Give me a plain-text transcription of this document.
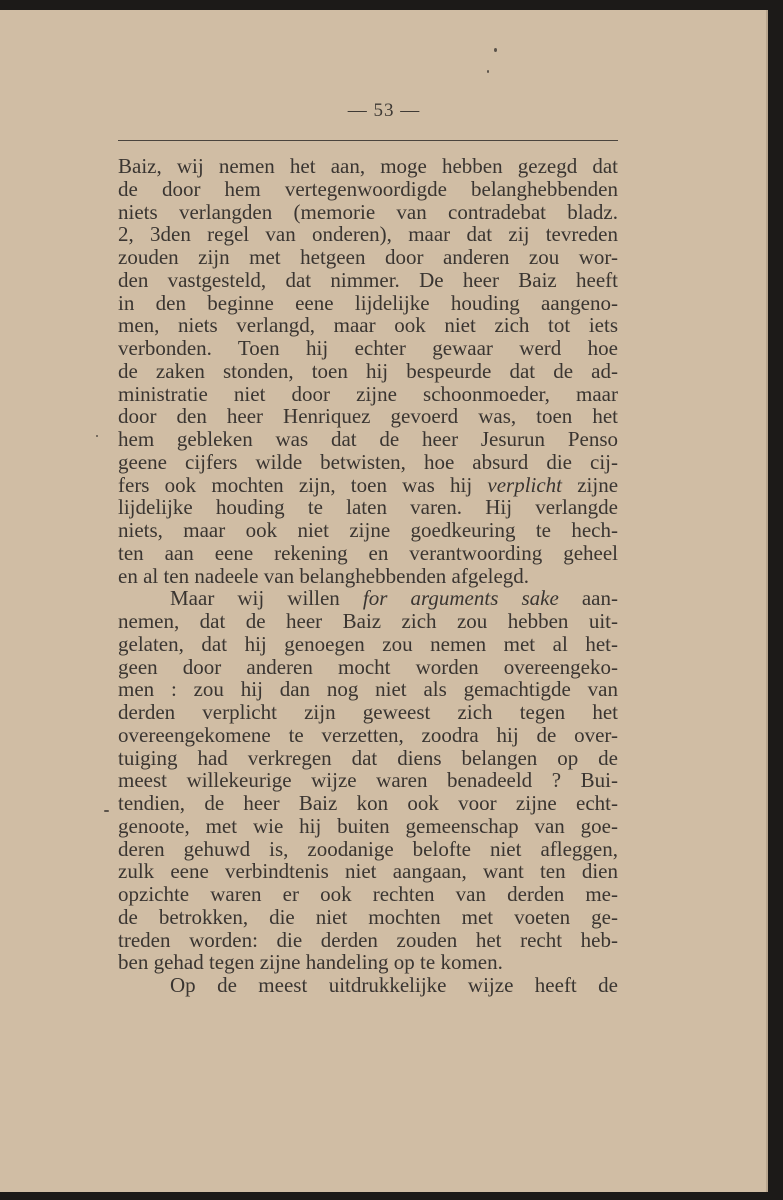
— 53 —
Baiz, wij nemen het aan, moge hebben gezegd dat
de door hem vertegenwoordigde belanghebbenden
niets verlangden (memorie van contradebat bladz.
2, 3den regel van onderen), maar dat zij tevreden
zouden zijn met hetgeen door anderen zou wor-
den vastgesteld, dat nimmer. De heer Baiz heeft
in den beginne eene lijdelijke houding aangeno-
men, niets verlangd, maar ook niet zich tot iets
verbonden. Toen hij echter gewaar werd hoe
de zaken stonden, toen hij bespeurde dat de ad-
ministratie niet door zijne schoonmoeder, maar
door den heer Henriquez gevoerd was, toen het
hem gebleken was dat de heer Jesurun Penso
geene cijfers wilde betwisten, hoe absurd die cij-
fers ook mochten zijn, toen was hij verplicht zijne
lijdelijke houding te laten varen. Hij verlangde
niets, maar ook niet zijne goedkeuring te hech-
ten aan eene rekening en verantwoording geheel
en al ten nadeele van belanghebbenden afgelegd.
Maar wij willen for arguments sake aan-
nemen, dat de heer Baiz zich zou hebben uit-
gelaten, dat hij genoegen zou nemen met al het-
geen door anderen mocht worden overeengeko-
men : zou hij dan nog niet als gemachtigde van
derden verplicht zijn geweest zich tegen het
overeengekomene te verzetten, zoodra hij de over-
tuiging had verkregen dat diens belangen op de
meest willekeurige wijze waren benadeeld ? Bui-
tendien, de heer Baiz kon ook voor zijne echt-
genoote, met wie hij buiten gemeenschap van goe-
deren gehuwd is, zoodanige belofte niet afleggen,
zulk eene verbindtenis niet aangaan, want ten dien
opzichte waren er ook rechten van derden me-
de betrokken, die niet mochten met voeten ge-
treden worden: die derden zouden het recht heb-
ben gehad tegen zijne handeling op te komen.
Op de meest uitdrukkelijke wijze heeft de
